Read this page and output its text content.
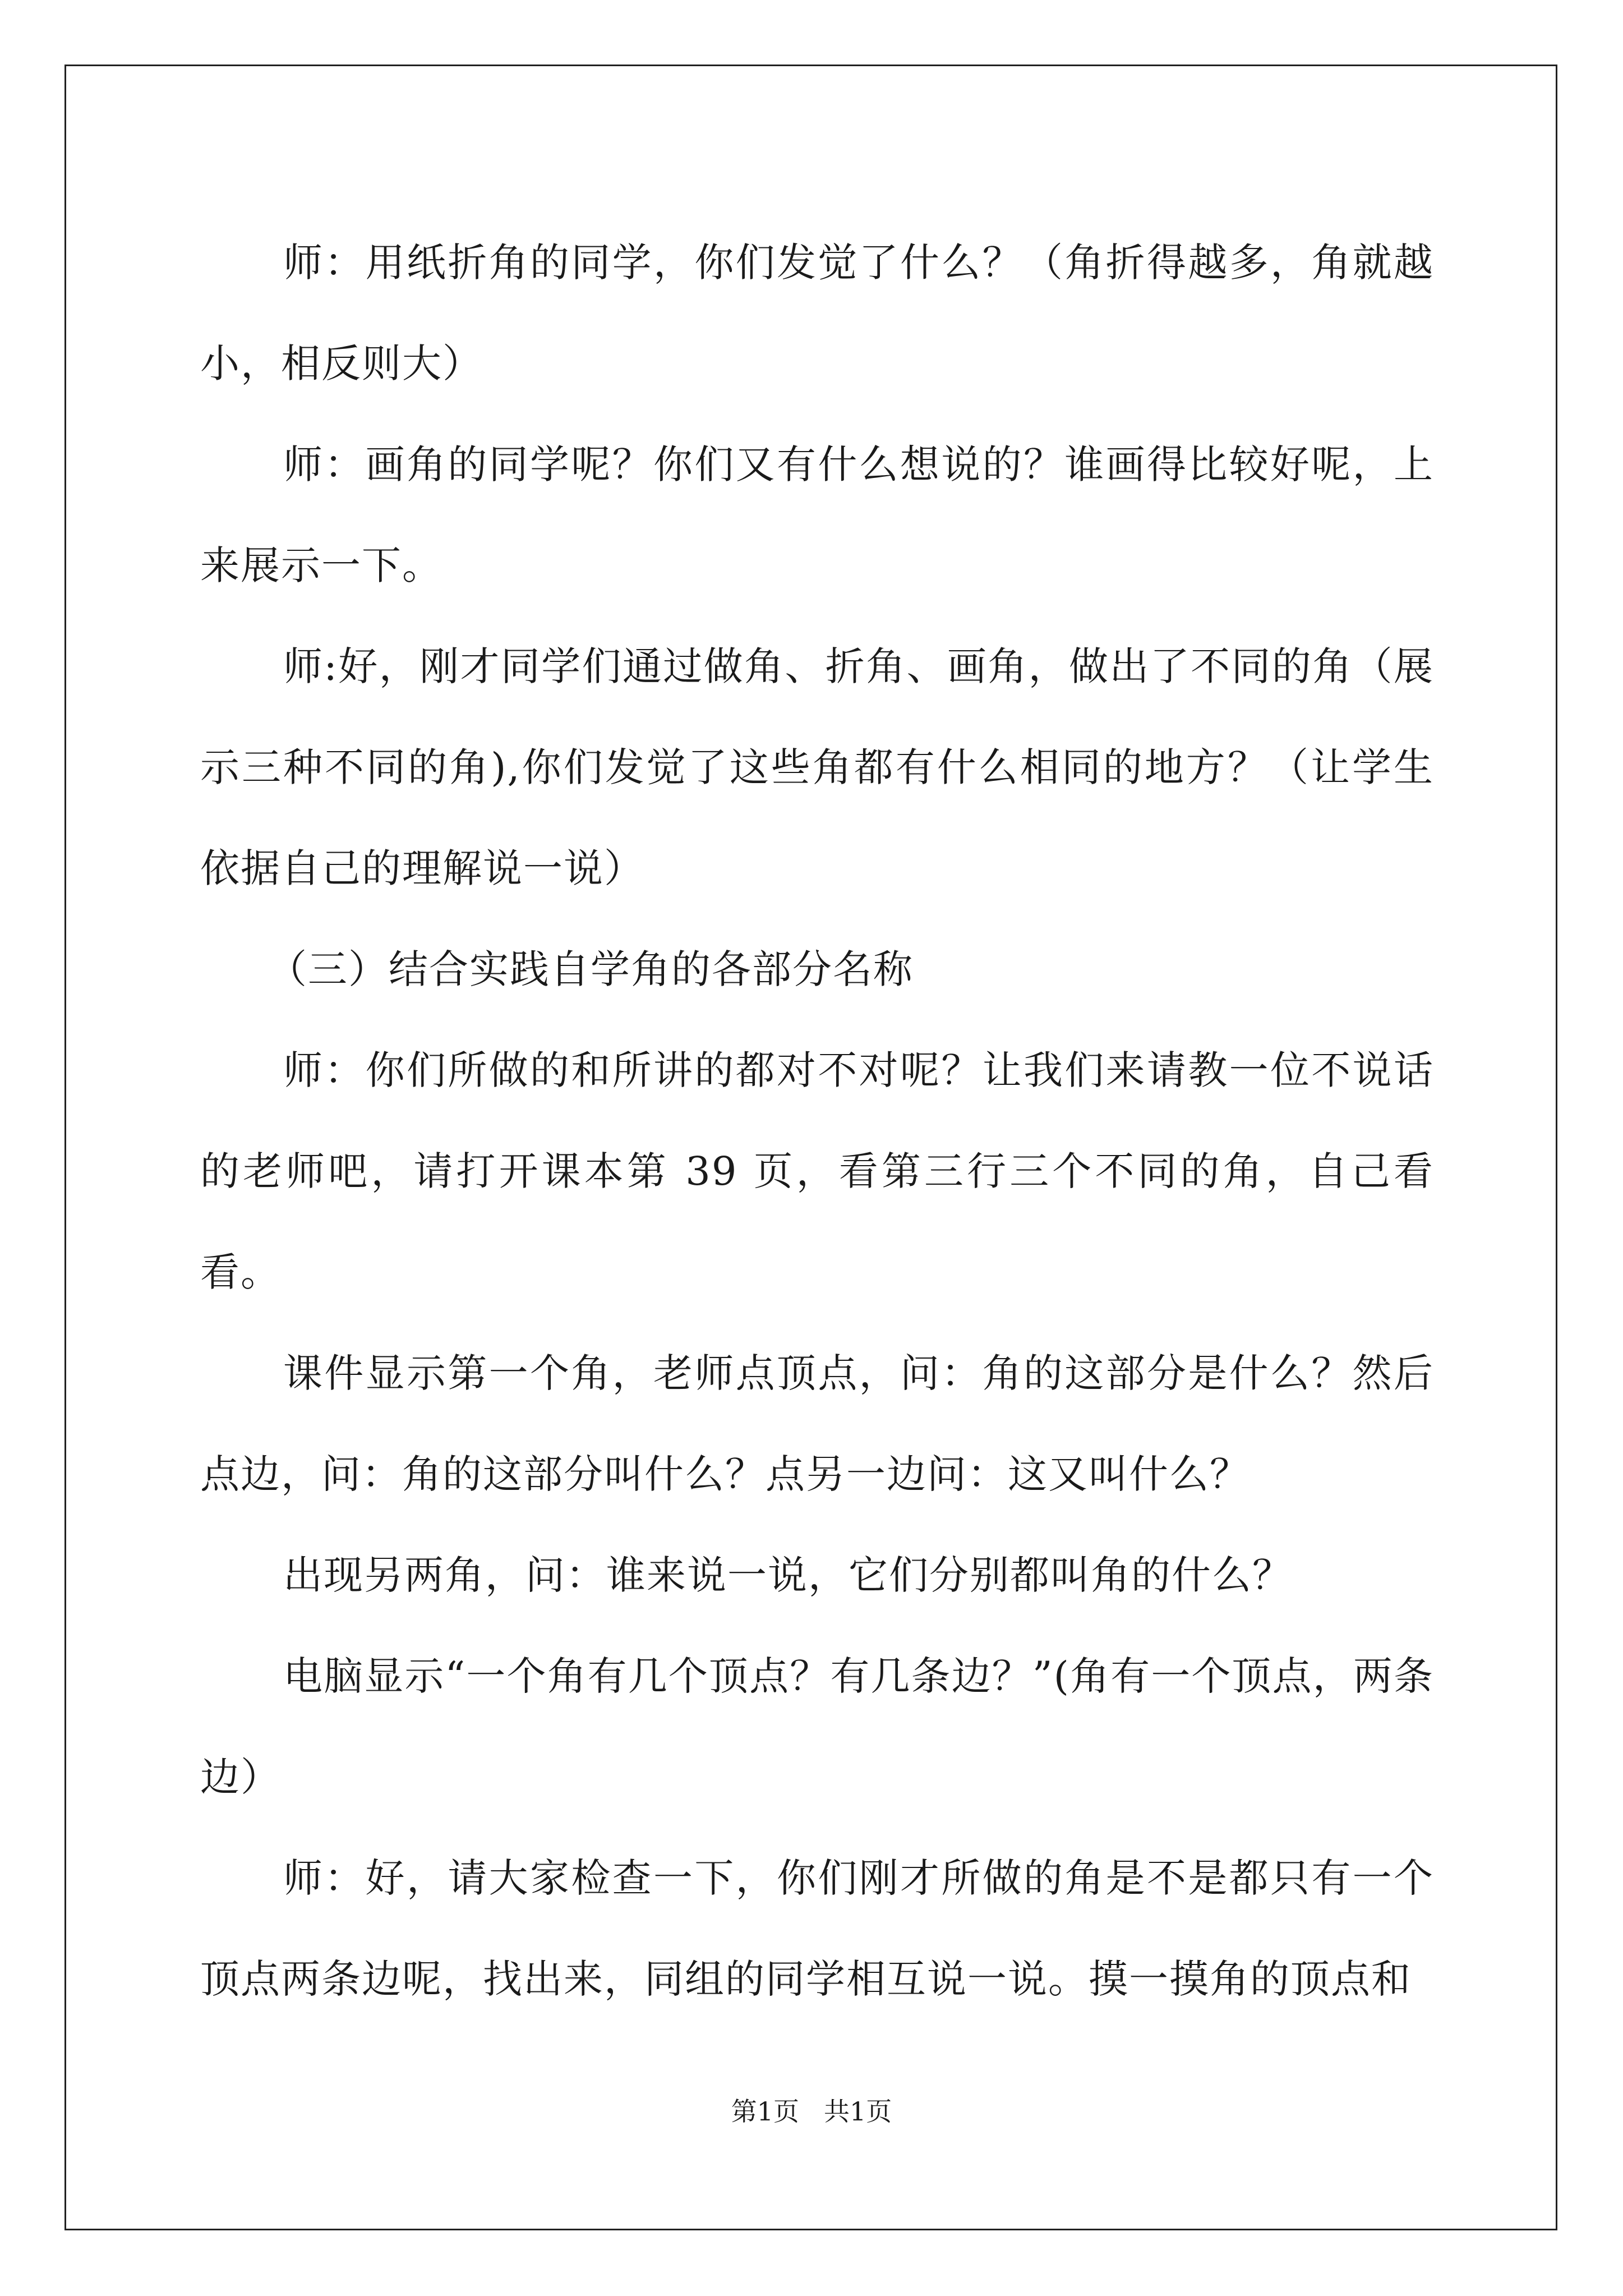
师：用纸折角的同学，你们发觉了什么？（角折得越多，角就越小，相反则大）

师：画角的同学呢？你们又有什么想说的？谁画得比较好呢，上来展示一下。

师:好，刚才同学们通过做角、折角、画角，做出了不同的角（展示三种不同的角),你们发觉了这些角都有什么相同的地方？（让学生依据自己的理解说一说）

（三）结合实践自学角的各部分名称

师：你们所做的和所讲的都对不对呢？让我们来请教一位不说话的老师吧，请打开课本第 39 页，看第三行三个不同的角，自己看看。

课件显示第一个角，老师点顶点，问：角的这部分是什么？然后点边，问：角的这部分叫什么？点另一边问：这又叫什么？

出现另两角，问：谁来说一说，它们分别都叫角的什么？

电脑显示“一个角有几个顶点？有几条边？”(角有一个顶点，两条边）

师：好，请大家检查一下，你们刚才所做的角是不是都只有一个顶点两条边呢，找出来，同组的同学相互说一说。摸一摸角的顶点和

第1页 共1页
